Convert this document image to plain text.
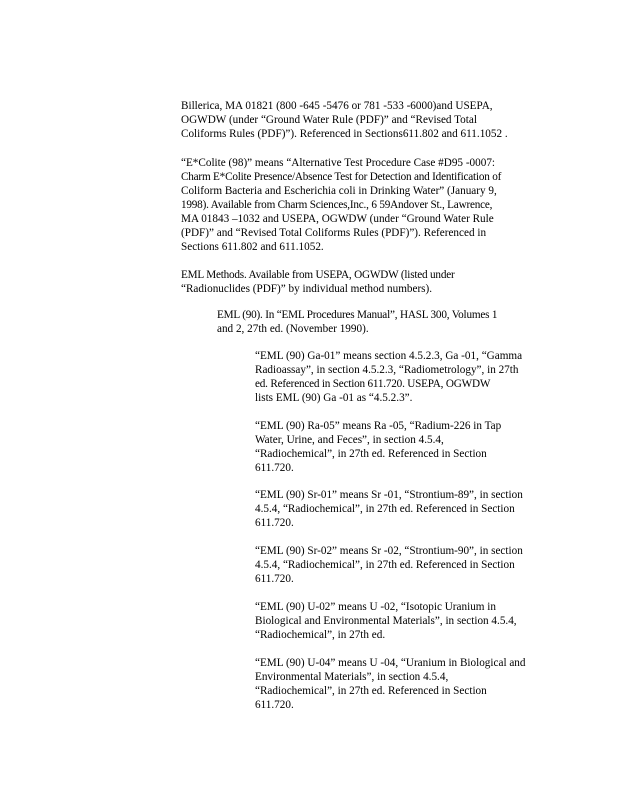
Billerica, MA 01821 (800 -645 -5476 or 781 -533 -6000)and USEPA,
OGWDW (under “Ground Water Rule (PDF)” and “Revised Total
Coliforms Rules (PDF)”). Referenced in Sections611.802 and 611.1052 .

“E*Colite (98)” means “Alternative Test Procedure Case #D95 -0007:
Charm E*Colite Presence/Absence Test for Detection and Identification of
Coliform Bacteria and Escherichia coli in Drinking Water” (January 9,
1998). Available from Charm Sciences,Inc., 6 59Andover St., Lawrence,
MA 01843 –1032 and USEPA, OGWDW (under “Ground Water Rule
(PDF)” and “Revised Total Coliforms Rules (PDF)”). Referenced in
Sections 611.802 and 611.1052.

EML Methods. Available from USEPA, OGWDW (listed under
“Radionuclides (PDF)” by individual method numbers).

EML (90). In “EML Procedures Manual”, HASL 300, Volumes 1
and 2, 27th ed. (November 1990).

“EML (90) Ga-01” means section 4.5.2.3, Ga -01, “Gamma
Radioassay”, in section 4.5.2.3, “Radiometrology”, in 27th
ed. Referenced in Section 611.720. USEPA, OGWDW
lists EML (90) Ga -01 as “4.5.2.3”.

“EML (90) Ra-05” means Ra -05, “Radium-226 in Tap
Water, Urine, and Feces”, in section 4.5.4,
“Radiochemical”, in 27th ed. Referenced in Section
611.720.

“EML (90) Sr-01” means Sr -01, “Strontium-89”, in section
4.5.4, “Radiochemical”, in 27th ed. Referenced in Section
611.720.

“EML (90) Sr-02” means Sr -02, “Strontium-90”, in section
4.5.4, “Radiochemical”, in 27th ed. Referenced in Section
611.720.

“EML (90) U-02” means U -02, “Isotopic Uranium in
Biological and Environmental Materials”, in section 4.5.4,
“Radiochemical”, in 27th ed.

“EML (90) U-04” means U -04, “Uranium in Biological and
Environmental Materials”, in section 4.5.4,
“Radiochemical”, in 27th ed. Referenced in Section
611.720.
